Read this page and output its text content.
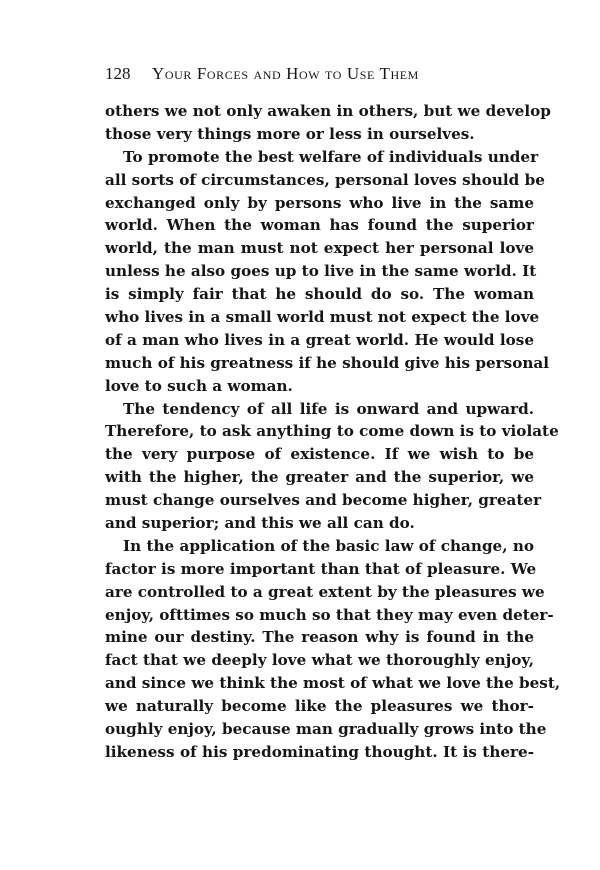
128 Your Forces and How to Use Them
others we not only awaken in others, but we develop
those very things more or less in ourselves.
To promote the best welfare of individuals under
all sorts of circumstances, personal loves should be
exchanged only by persons who live in the same
world. When the woman has found the superior
world, the man must not expect her personal love
unless he also goes up to live in the same world. It
is simply fair that he should do so. The woman
who lives in a small world must not expect the love
of a man who lives in a great world. He would lose
much of his greatness if he should give his personal
love to such a woman.
The tendency of all life is onward and upward.
Therefore, to ask anything to come down is to violate
the very purpose of existence. If we wish to be
with the higher, the greater and the superior, we
must change ourselves and become higher, greater
and superior; and this we all can do.
In the application of the basic law of change, no
factor is more important than that of pleasure. We
are controlled to a great extent by the pleasures we
enjoy, ofttimes so much so that they may even deter-
mine our destiny. The reason why is found in the
fact that we deeply love what we thoroughly enjoy,
and since we think the most of what we love the best,
we naturally become like the pleasures we thor-
oughly enjoy, because man gradually grows into the
likeness of his predominating thought. It is there-
